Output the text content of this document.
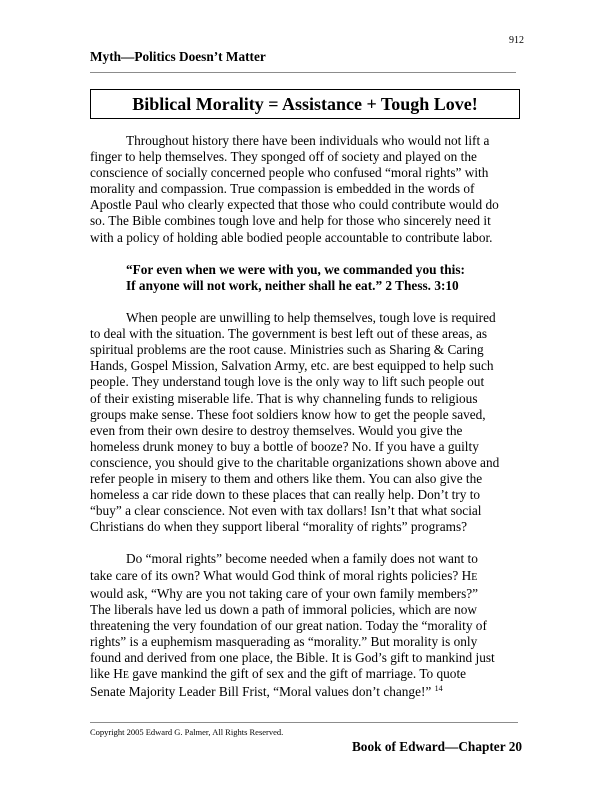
912
Myth—Politics Doesn’t Matter
Biblical Morality = Assistance + Tough Love!
Throughout history there have been individuals who would not lift a
finger to help themselves. They sponged off of society and played on the
conscience of socially concerned people who confused “moral rights” with
morality and compassion. True compassion is embedded in the words of
Apostle Paul who clearly expected that those who could contribute would do
so. The Bible combines tough love and help for those who sincerely need it
with a policy of holding able bodied people accountable to contribute labor.
“For even when we were with you, we commanded you this:
If anyone will not work, neither shall he eat.” 2 Thess. 3:10
When people are unwilling to help themselves, tough love is required
to deal with the situation. The government is best left out of these areas, as
spiritual problems are the root cause. Ministries such as Sharing & Caring
Hands, Gospel Mission, Salvation Army, etc. are best equipped to help such
people. They understand tough love is the only way to lift such people out
of their existing miserable life. That is why channeling funds to religious
groups make sense. These foot soldiers know how to get the people saved,
even from their own desire to destroy themselves. Would you give the
homeless drunk money to buy a bottle of booze? No. If you have a guilty
conscience, you should give to the charitable organizations shown above and
refer people in misery to them and others like them. You can also give the
homeless a car ride down to these places that can really help. Don’t try to
“buy” a clear conscience. Not even with tax dollars! Isn’t that what social
Christians do when they support liberal “morality of rights” programs?
Do “moral rights” become needed when a family does not want to
take care of its own? What would God think of moral rights policies? HE
would ask, “Why are you not taking care of your own family members?”
The liberals have led us down a path of immoral policies, which are now
threatening the very foundation of our great nation. Today the “morality of
rights” is a euphemism masquerading as “morality.” But morality is only
found and derived from one place, the Bible. It is God’s gift to mankind just
like HE gave mankind the gift of sex and the gift of marriage. To quote
Senate Majority Leader Bill Frist, “Moral values don’t change!” $^{14}$
Copyright 2005 Edward G. Palmer, All Rights Reserved.
Book of Edward—Chapter 20
